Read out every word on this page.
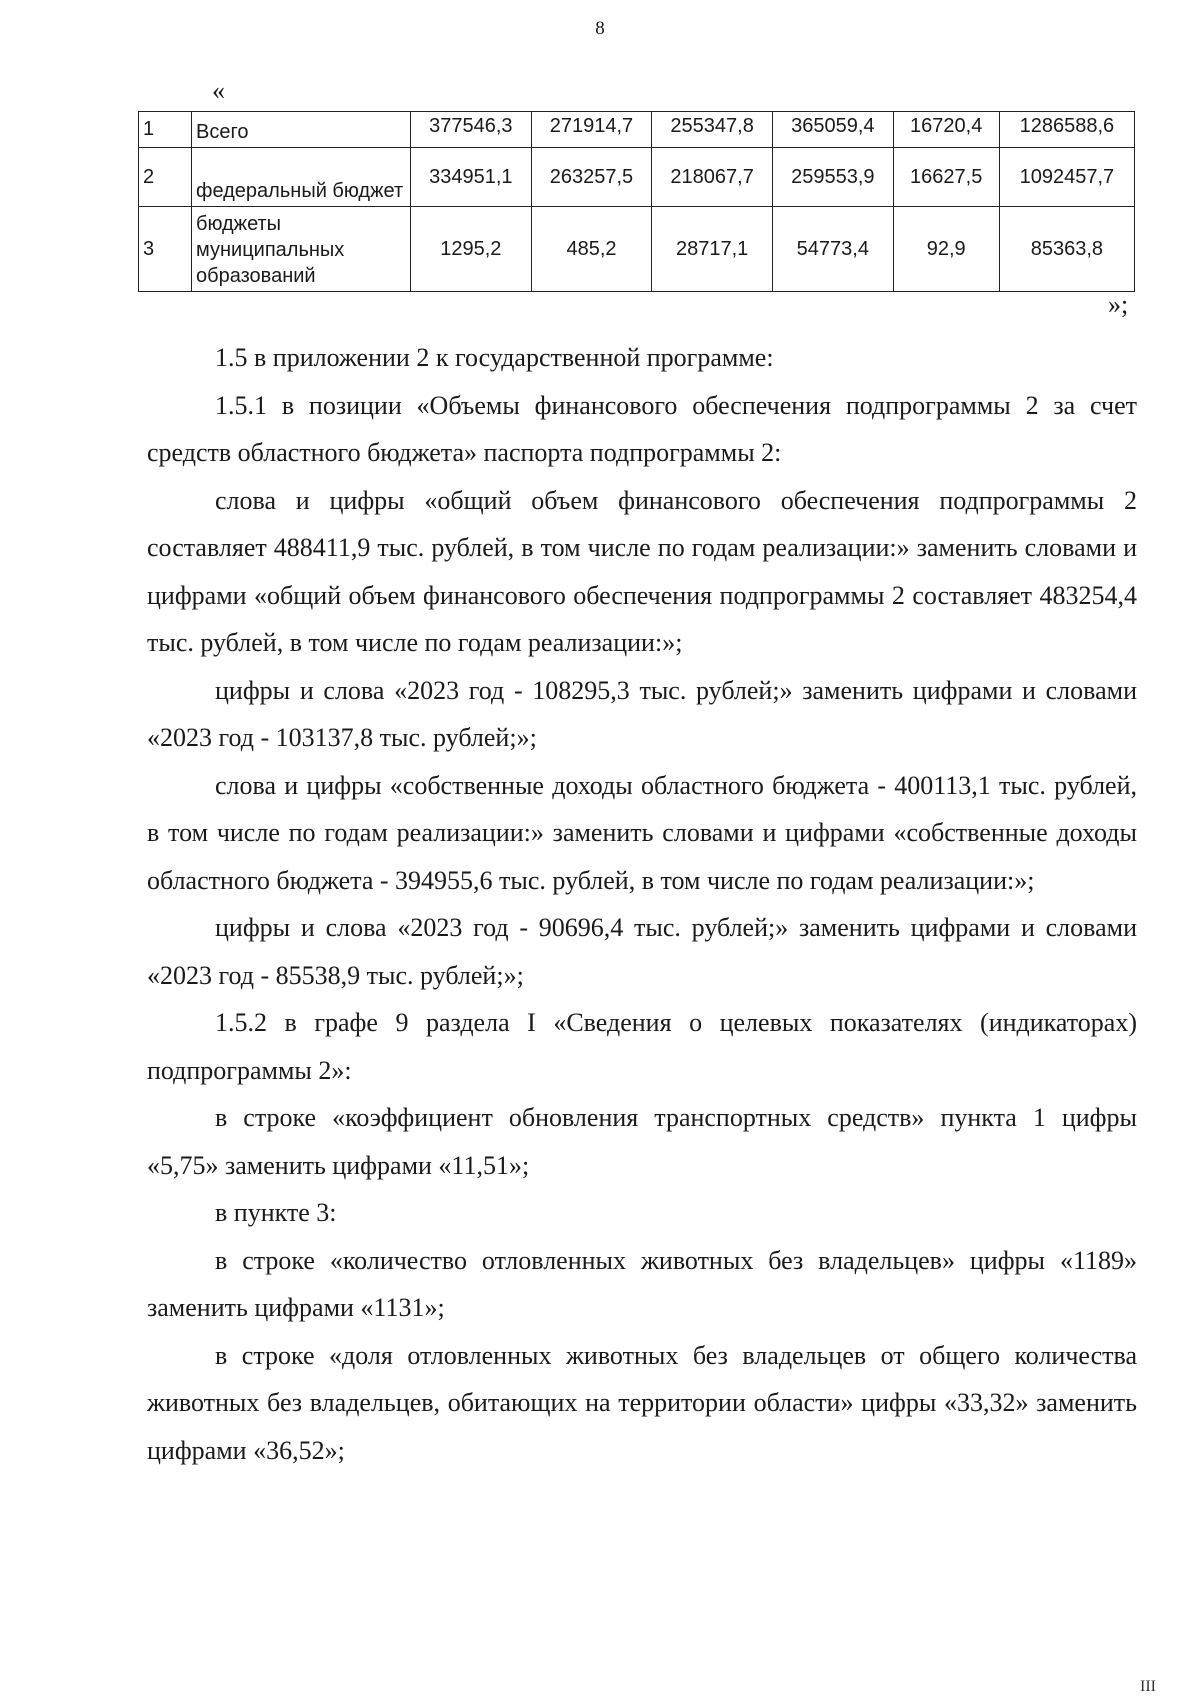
8
«
1	Всего	377546,3	271914,7	255347,8	365059,4	16720,4	1286588,6
2	федеральный бюджет	334951,1	263257,5	218067,7	259553,9	16627,5	1092457,7
3	бюджеты муниципальных образований	1295,2	485,2	28717,1	54773,4	92,9	85363,8
»;

1.5 в приложении 2 к государственной программе:

1.5.1 в позиции «Объемы финансового обеспечения подпрограммы 2 за счет средств областного бюджета» паспорта подпрограммы 2:

слова и цифры «общий объем финансового обеспечения подпрограммы 2 составляет 488411,9 тыс. рублей, в том числе по годам реализации:» заменить словами и цифрами «общий объем финансового обеспечения подпрограммы 2 составляет 483254,4 тыс. рублей, в том числе по годам реализации:»;

цифры и слова «2023 год - 108295,3 тыс. рублей;» заменить цифрами и словами «2023 год - 103137,8 тыс. рублей;»;

слова и цифры «собственные доходы областного бюджета - 400113,1 тыс. рублей, в том числе по годам реализации:» заменить словами и цифрами «собственные доходы областного бюджета - 394955,6 тыс. рублей, в том числе по годам реализации:»;

цифры и слова «2023 год - 90696,4 тыс. рублей;» заменить цифрами и словами «2023 год - 85538,9 тыс. рублей;»;

1.5.2 в графе 9 раздела I «Сведения о целевых показателях (индикаторах) подпрограммы 2»:

в строке «коэффициент обновления транспортных средств» пункта 1 цифры «5,75» заменить цифрами «11,51»;

в пункте 3:

в строке «количество отловленных животных без владельцев» цифры «1189» заменить цифрами «1131»;

в строке «доля отловленных животных без владельцев от общего количества животных без владельцев, обитающих на территории области» цифры «33,32» заменить цифрами «36,52»;

III
